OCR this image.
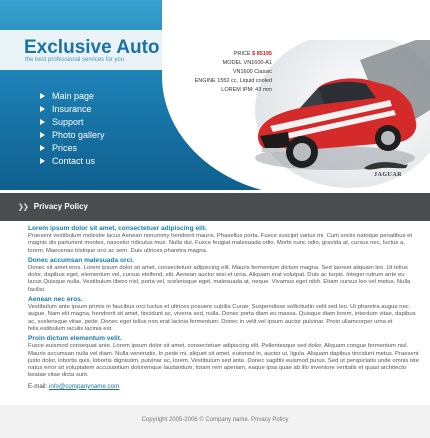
Exclusive Auto
the best professional services for you
Main page
Insurance
Support
Photo gallery
Prices
Contact us
PRICE $ 85195
MODEL VN1600-A1
VN1600 Classic
ENGINE 1552 cc, Liquid cooled
LOREM IPM: 43 mm
JAGUAR
❯❯ Privacy Policy
Lorem ipsum dolor sit amet, consectetuer adipiscing elit.

Praesent vestibulum molestie lacus Aenean nonummy hendrerit mauris. Phasellus porta. Fusce suscipit varius mi. Cum sociis natoque penatibus et magnis dis parturient montes, nascetur ridiculus mus. Nulla dui. Fusce feugiat malesuada odio. Morbi nunc odio, gravida at, cursus nec, luctus a, lorem. Maecenas tristique orci ac sem. Duis ultrices pharetra magna.

Donec accumsan malesuada orci.

Donec sit amet eros. Lorem ipsum dolor sit amet, consectetuer adipiscing elit. Mauris fermentum dictum magna. Sed laoreet aliquam leo. Ut tellus dolor, dapibus eget, elementum vel, cursus eleifend, elit. Aenean auctor wisi et urna. Aliquam erat volutpat. Duis ac turpis. Integer rutrum ante eu lacus.Quisque nulla. Vestibulum libero nisl, porta vel, scelerisque eget, malesuada at, neque. Vivamus eget nibh. Etiam cursus leo vel metus. Nulla facilisi.

Aenean nec eros.

Vestibulum ante ipsum primis in faucibus orci luctus et ultrices posuere cubilia Curae; Suspendisse sollicitudin velit sed leo. Ut pharetra augue nec augue. Nam elit magna, hendrerit sit amet, tincidunt ac, viverra sed, nulla. Donec porta diam eu massa. Quisque diam lorem, interdum vitae, dapibus ac, scelerisque vitae, pede. Donec eget tellus non erat lacinia fermentum. Donec in velit vel ipsum auctor pulvinar. Proin ullamcorper urna et felis.estibulum iaculis lacinia est.

Proin dictum elementum velit.

Fusce euismod consequat ante. Lorem ipsum dolor sit amet, consectetuer adipiscing elit. Pellentesque sed dolor. Aliquam congue fermentum nisl. Mauris accumsan nulla vel diam. Nulla venenatis. In pede mi, aliquet sit amet, euismod in, auctor ut, ligula. Aliquam dapibus tincidunt metus. Praesent justo dolor, lobortis quis, lobortis dignissim, pulvinar ac, lorem. Vestibulum sed ante. Donec sagittis euismod purus. Sed ut perspiciatis unde omnis iste natus error sit voluptatem accusantium doloremque laudantium, totam rem aperiam, eaque ipsa quae ab illo inventore veritatis et quasi architecto beatae vitae dicta sunt.

E-mail: info@companyname.com
Copyright 2005-2006 © Company name. Privacy Policy
